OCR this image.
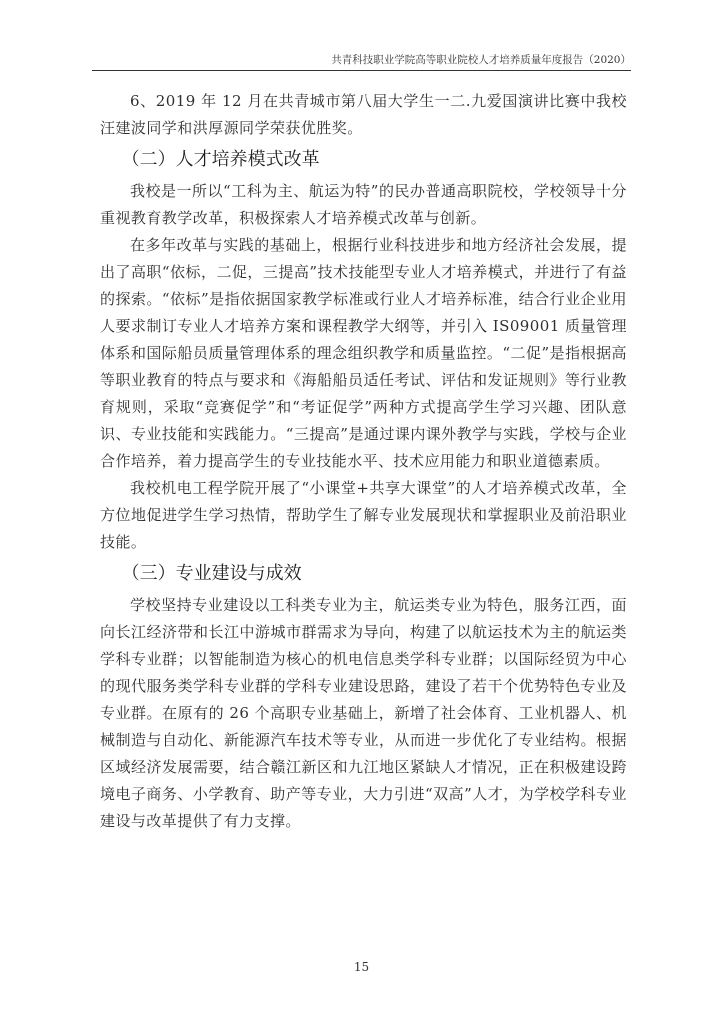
共青科技职业学院高等职业院校人才培养质量年度报告（2020）

6、2019 年 12 月在共青城市第八届大学生一二.九爱国演讲比赛中我校汪建波同学和洪厚源同学荣获优胜奖。

（二）人才培养模式改革

我校是一所以“工科为主、航运为特”的民办普通高职院校，学校领导十分重视教育教学改革，积极探索人才培养模式改革与创新。

在多年改革与实践的基础上，根据行业科技进步和地方经济社会发展，提出了高职“依标，二促，三提高”技术技能型专业人才培养模式，并进行了有益的探索。“依标”是指依据国家教学标准或行业人才培养标准，结合行业企业用人要求制订专业人才培养方案和课程教学大纲等，并引入 IS09001 质量管理体系和国际船员质量管理体系的理念组织教学和质量监控。“二促”是指根据高等职业教育的特点与要求和《海船船员适任考试、评估和发证规则》等行业教育规则，采取“竞赛促学”和“考证促学”两种方式提高学生学习兴趣、团队意识、专业技能和实践能力。“三提高”是通过课内课外教学与实践，学校与企业合作培养，着力提高学生的专业技能水平、技术应用能力和职业道德素质。

我校机电工程学院开展了“小课堂+共享大课堂”的人才培养模式改革，全方位地促进学生学习热情，帮助学生了解专业发展现状和掌握职业及前沿职业技能。

（三）专业建设与成效

学校坚持专业建设以工科类专业为主，航运类专业为特色，服务江西，面向长江经济带和长江中游城市群需求为导向，构建了以航运技术为主的航运类学科专业群；以智能制造为核心的机电信息类学科专业群；以国际经贸为中心的现代服务类学科专业群的学科专业建设思路，建设了若干个优势特色专业及专业群。在原有的 26 个高职专业基础上，新增了社会体育、工业机器人、机械制造与自动化、新能源汽车技术等专业，从而进一步优化了专业结构。根据区域经济发展需要，结合赣江新区和九江地区紧缺人才情况，正在积极建设跨境电子商务、小学教育、助产等专业，大力引进“双高”人才，为学校学科专业建设与改革提供了有力支撑。

15
